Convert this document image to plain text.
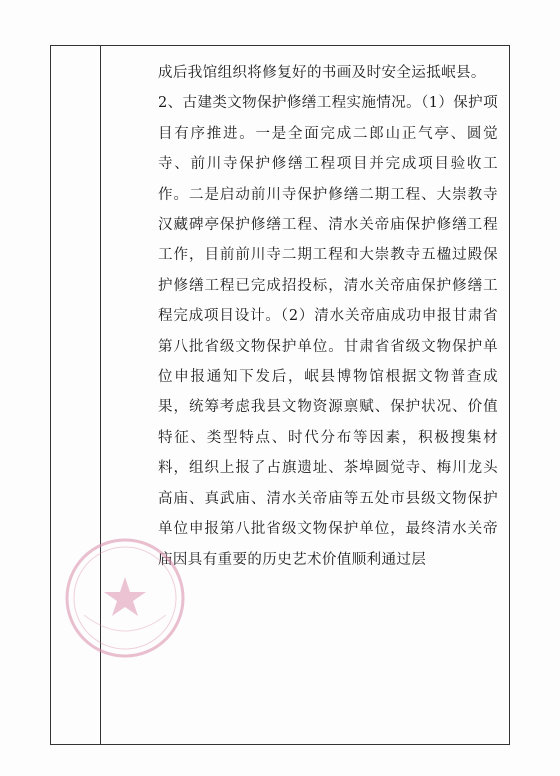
成后我馆组织将修复好的书画及时安全运抵岷县。

2、古建类文物保护修缮工程实施情况。（1）保护项目有序推进。一是全面完成二郎山正气亭、圆觉寺、前川寺保护修缮工程项目并完成项目验收工作。二是启动前川寺保护修缮二期工程、大崇教寺汉藏碑亭保护修缮工程、清水关帝庙保护修缮工程工作，目前前川寺二期工程和大崇教寺五楹过殿保护修缮工程已完成招投标，清水关帝庙保护修缮工程完成项目设计。（2）清水关帝庙成功申报甘肃省第八批省级文物保护单位。甘肃省省级文物保护单位申报通知下发后，岷县博物馆根据文物普查成果，统筹考虑我县文物资源禀赋、保护状况、价值特征、类型特点、时代分布等因素，积极搜集材料，组织上报了占旗遗址、茶埠圆觉寺、梅川龙头高庙、真武庙、清水关帝庙等五处市县级文物保护单位申报第八批省级文物保护单位，最终清水关帝庙因具有重要的历史艺术价值顺利通过层
